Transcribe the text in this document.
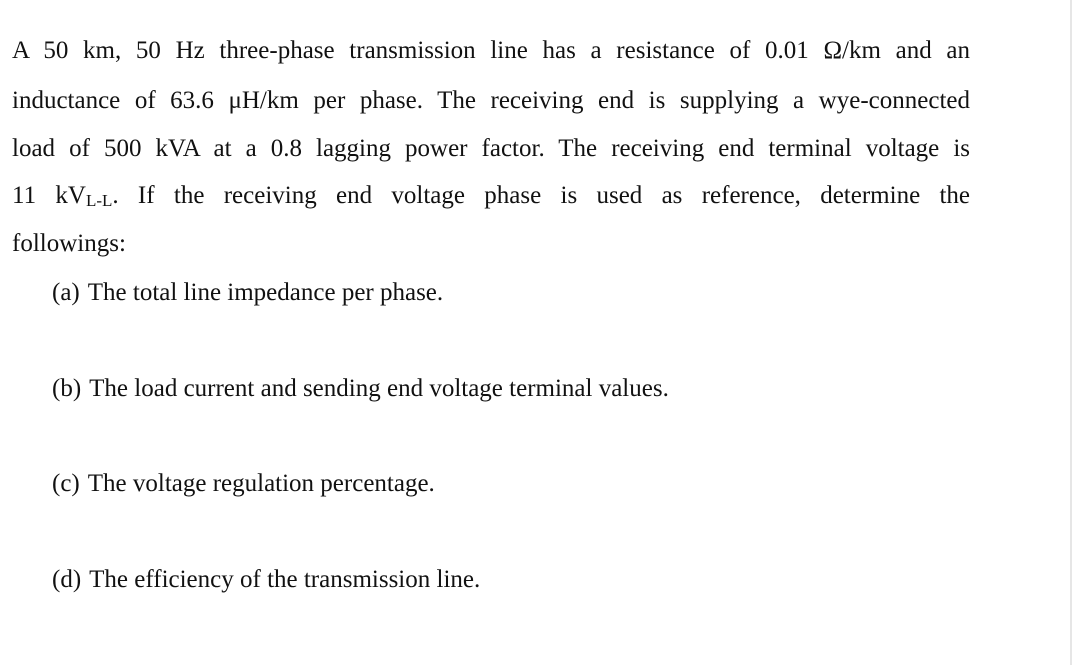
A 50 km, 50 Hz three-phase transmission line has a resistance of 0.01 Ω/km and an
inductance of 63.6 μH/km per phase. The receiving end is supplying a wye-connected
load of 500 kVA at a 0.8 lagging power factor. The receiving end terminal voltage is
11 $kV_{L-L}$. If the receiving end voltage phase is used as reference, determine the
followings:
(a) The total line impedance per phase.
(b) The load current and sending end voltage terminal values.
(c) The voltage regulation percentage.
(d) The efficiency of the transmission line.
